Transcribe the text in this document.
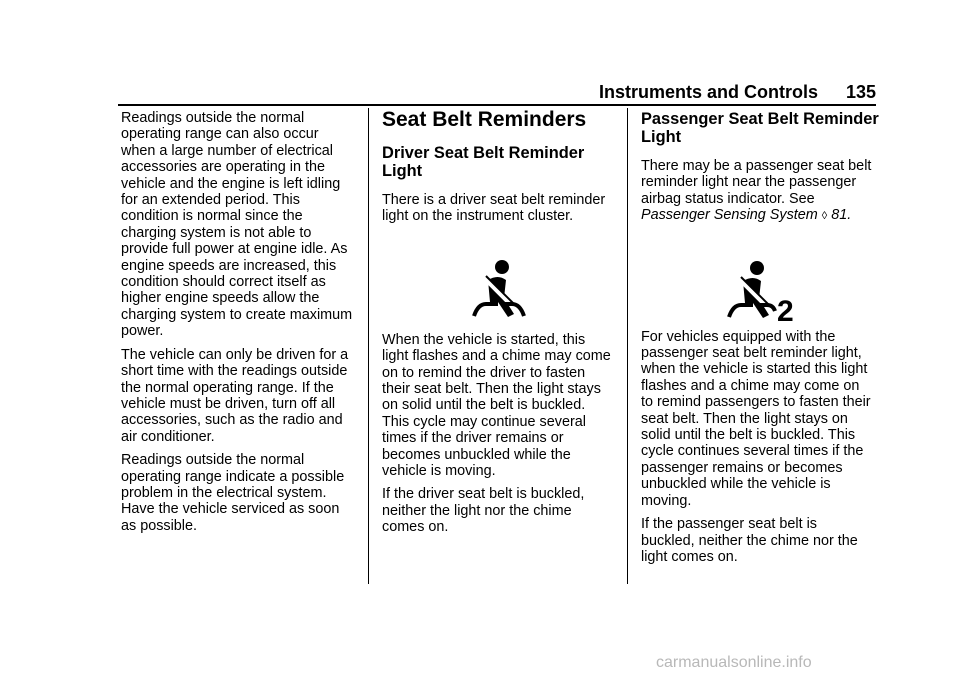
Instruments and Controls 135

Readings outside the normal
operating range can also occur
when a large number of electrical
accessories are operating in the
vehicle and the engine is left idling
for an extended period. This
condition is normal since the
charging system is not able to
provide full power at engine idle. As
engine speeds are increased, this
condition should correct itself as
higher engine speeds allow the
charging system to create maximum
power.

The vehicle can only be driven for a
short time with the readings outside
the normal operating range. If the
vehicle must be driven, turn off all
accessories, such as the radio and
air conditioner.

Readings outside the normal
operating range indicate a possible
problem in the electrical system.
Have the vehicle serviced as soon
as possible.

Seat Belt Reminders
Driver Seat Belt Reminder
Light

There is a driver seat belt reminder
light on the instrument cluster.

When the vehicle is started, this
light flashes and a chime may come
on to remind the driver to fasten
their seat belt. Then the light stays
on solid until the belt is buckled.
This cycle may continue several
times if the driver remains or
becomes unbuckled while the
vehicle is moving.

If the driver seat belt is buckled,
neither the light nor the chime
comes on.

Passenger Seat Belt Reminder
Light

There may be a passenger seat belt
reminder light near the passenger
airbag status indicator. See
Passenger Sensing System ◊ 81.

2

For vehicles equipped with the
passenger seat belt reminder light,
when the vehicle is started this light
flashes and a chime may come on
to remind passengers to fasten their
seat belt. Then the light stays on
solid until the belt is buckled. This
cycle continues several times if the
passenger remains or becomes
unbuckled while the vehicle is
moving.

If the passenger seat belt is
buckled, neither the chime nor the
light comes on.

carmanualsonline.info
